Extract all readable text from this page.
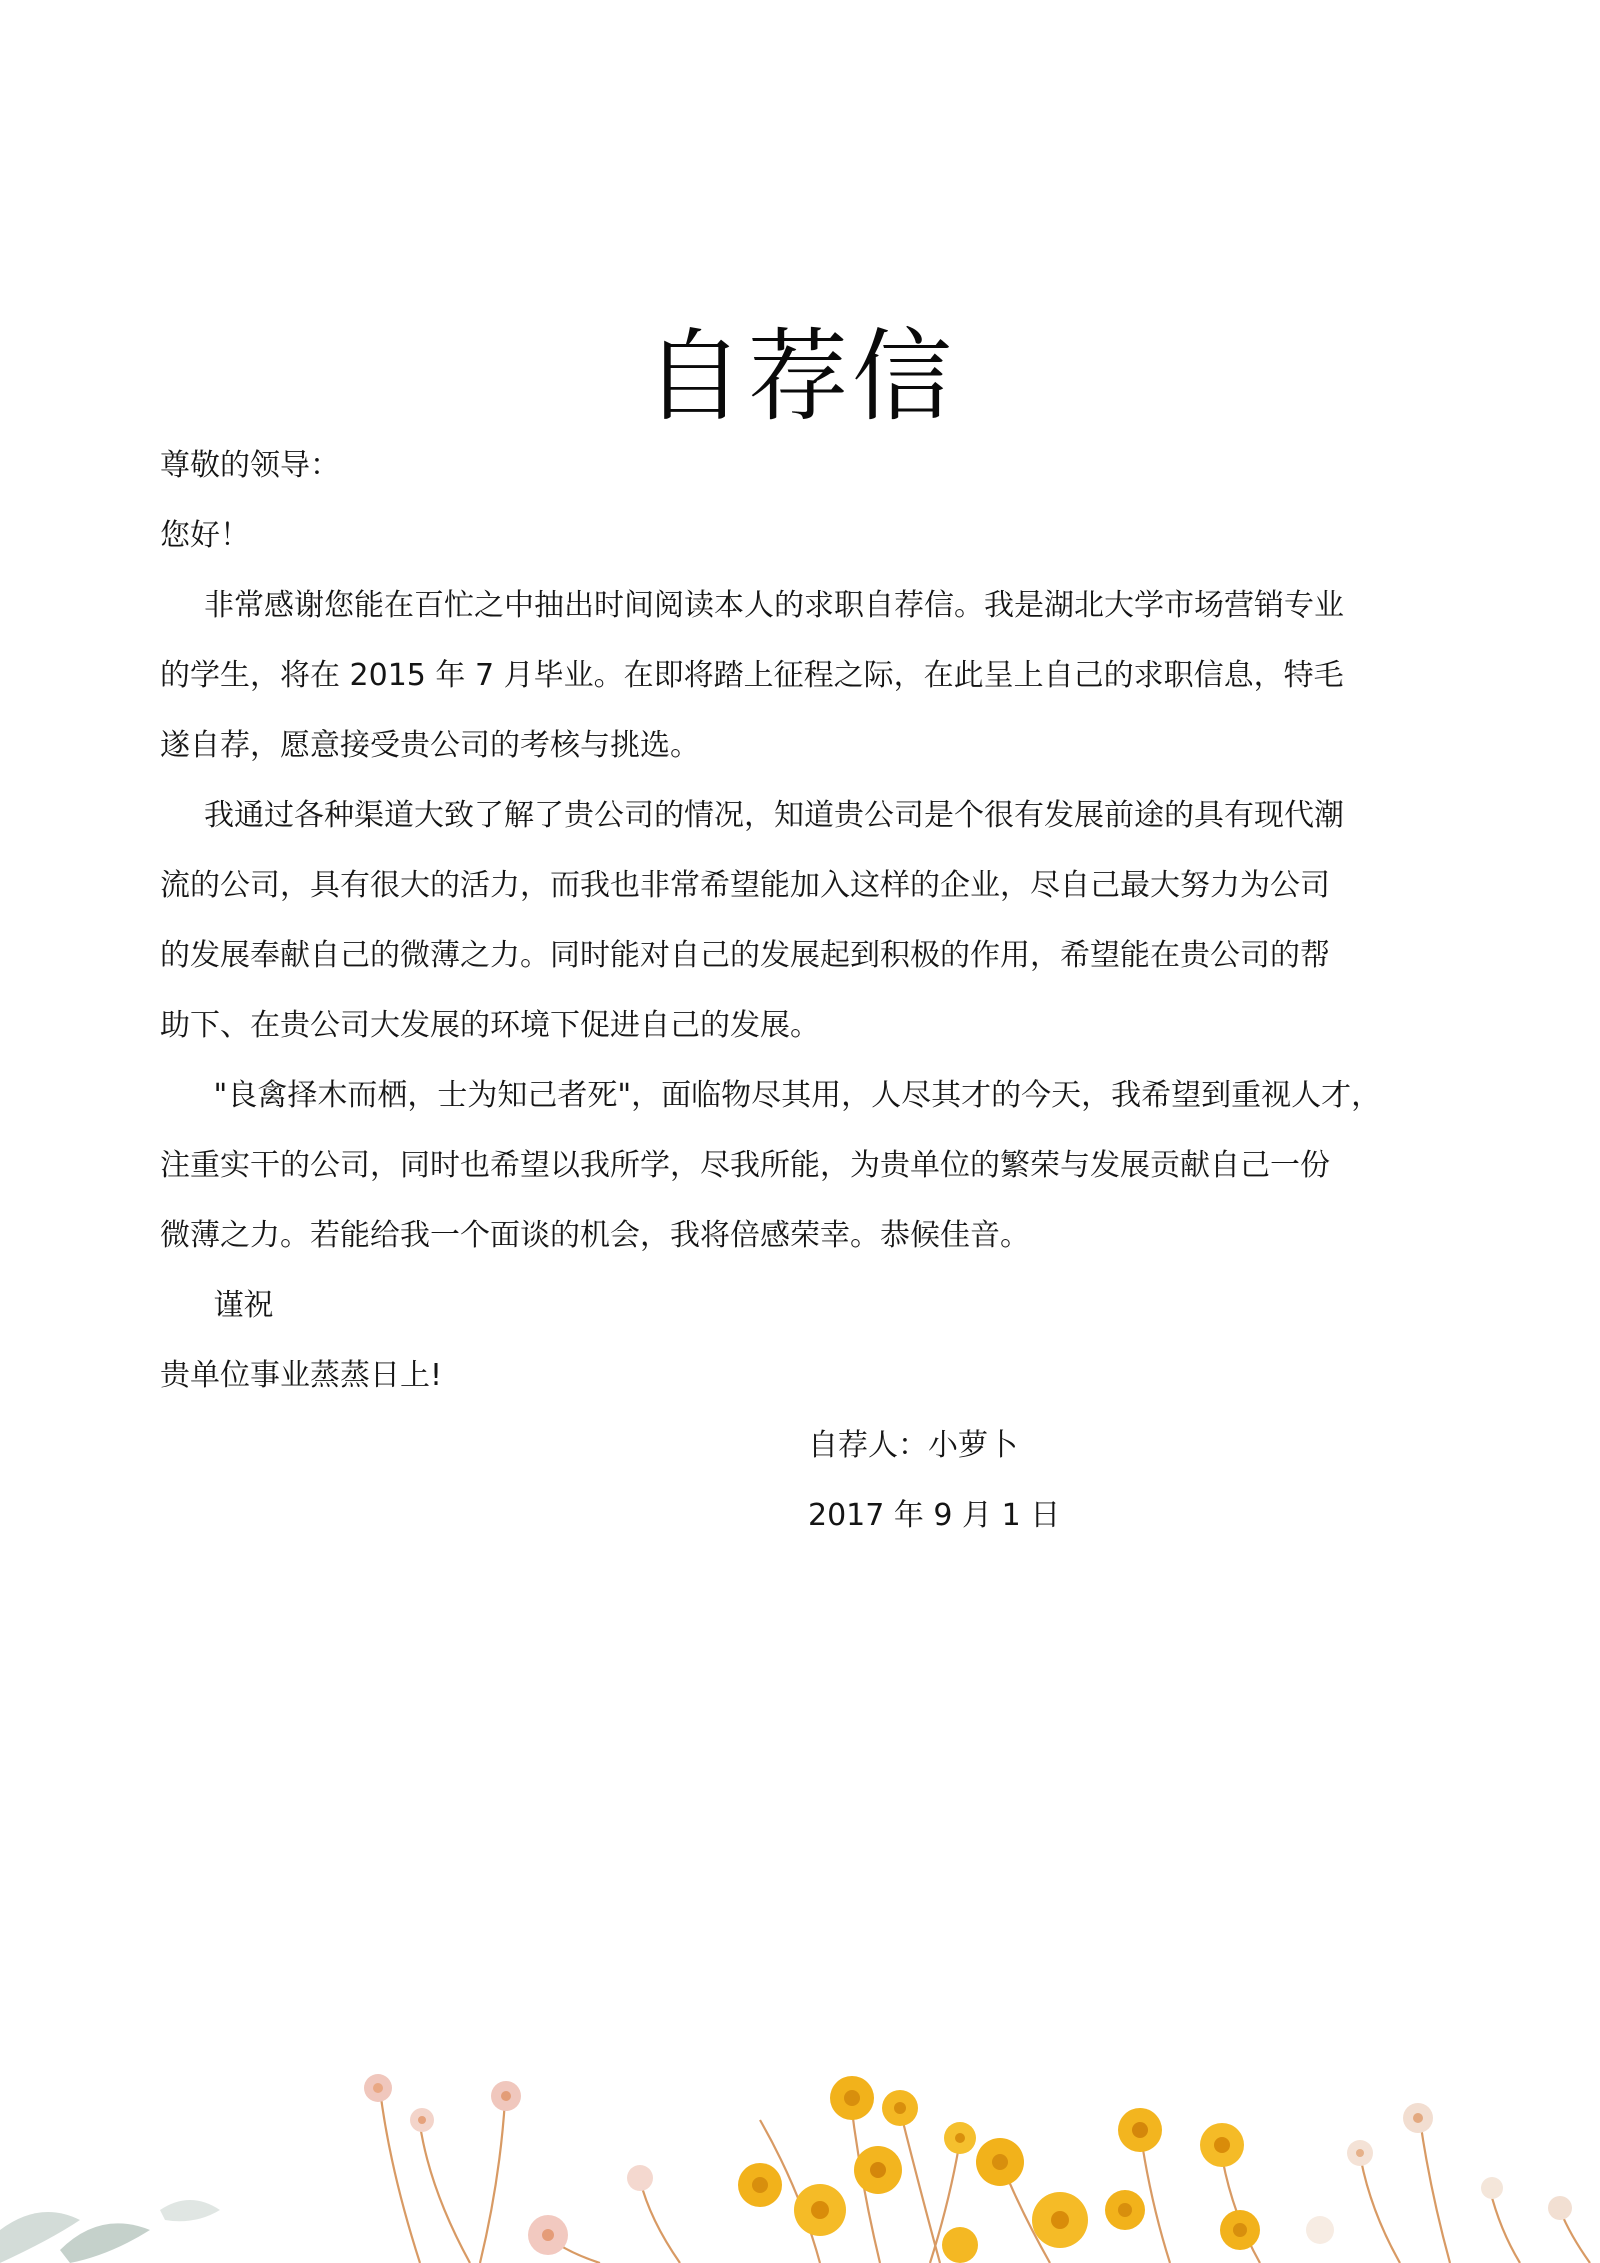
自荐信
尊敬的领导：
您好！
非常感谢您能在百忙之中抽出时间阅读本人的求职自荐信。我是湖北大学市场营销专业
的学生，将在 2015 年 7 月毕业。在即将踏上征程之际，在此呈上自己的求职信息，特毛
遂自荐，愿意接受贵公司的考核与挑选。
我通过各种渠道大致了解了贵公司的情况，知道贵公司是个很有发展前途的具有现代潮
流的公司，具有很大的活力，而我也非常希望能加入这样的企业，尽自己最大努力为公司
的发展奉献自己的微薄之力。同时能对自己的发展起到积极的作用，希望能在贵公司的帮
助下、在贵公司大发展的环境下促进自己的发展。
"良禽择木而栖，士为知己者死"，面临物尽其用，人尽其才的今天，我希望到重视人才，
注重实干的公司，同时也希望以我所学，尽我所能，为贵单位的繁荣与发展贡献自己一份
微薄之力。若能给我一个面谈的机会，我将倍感荣幸。恭候佳音。
谨祝
贵单位事业蒸蒸日上!
自荐人：小萝卜
2017 年 9 月 1 日
